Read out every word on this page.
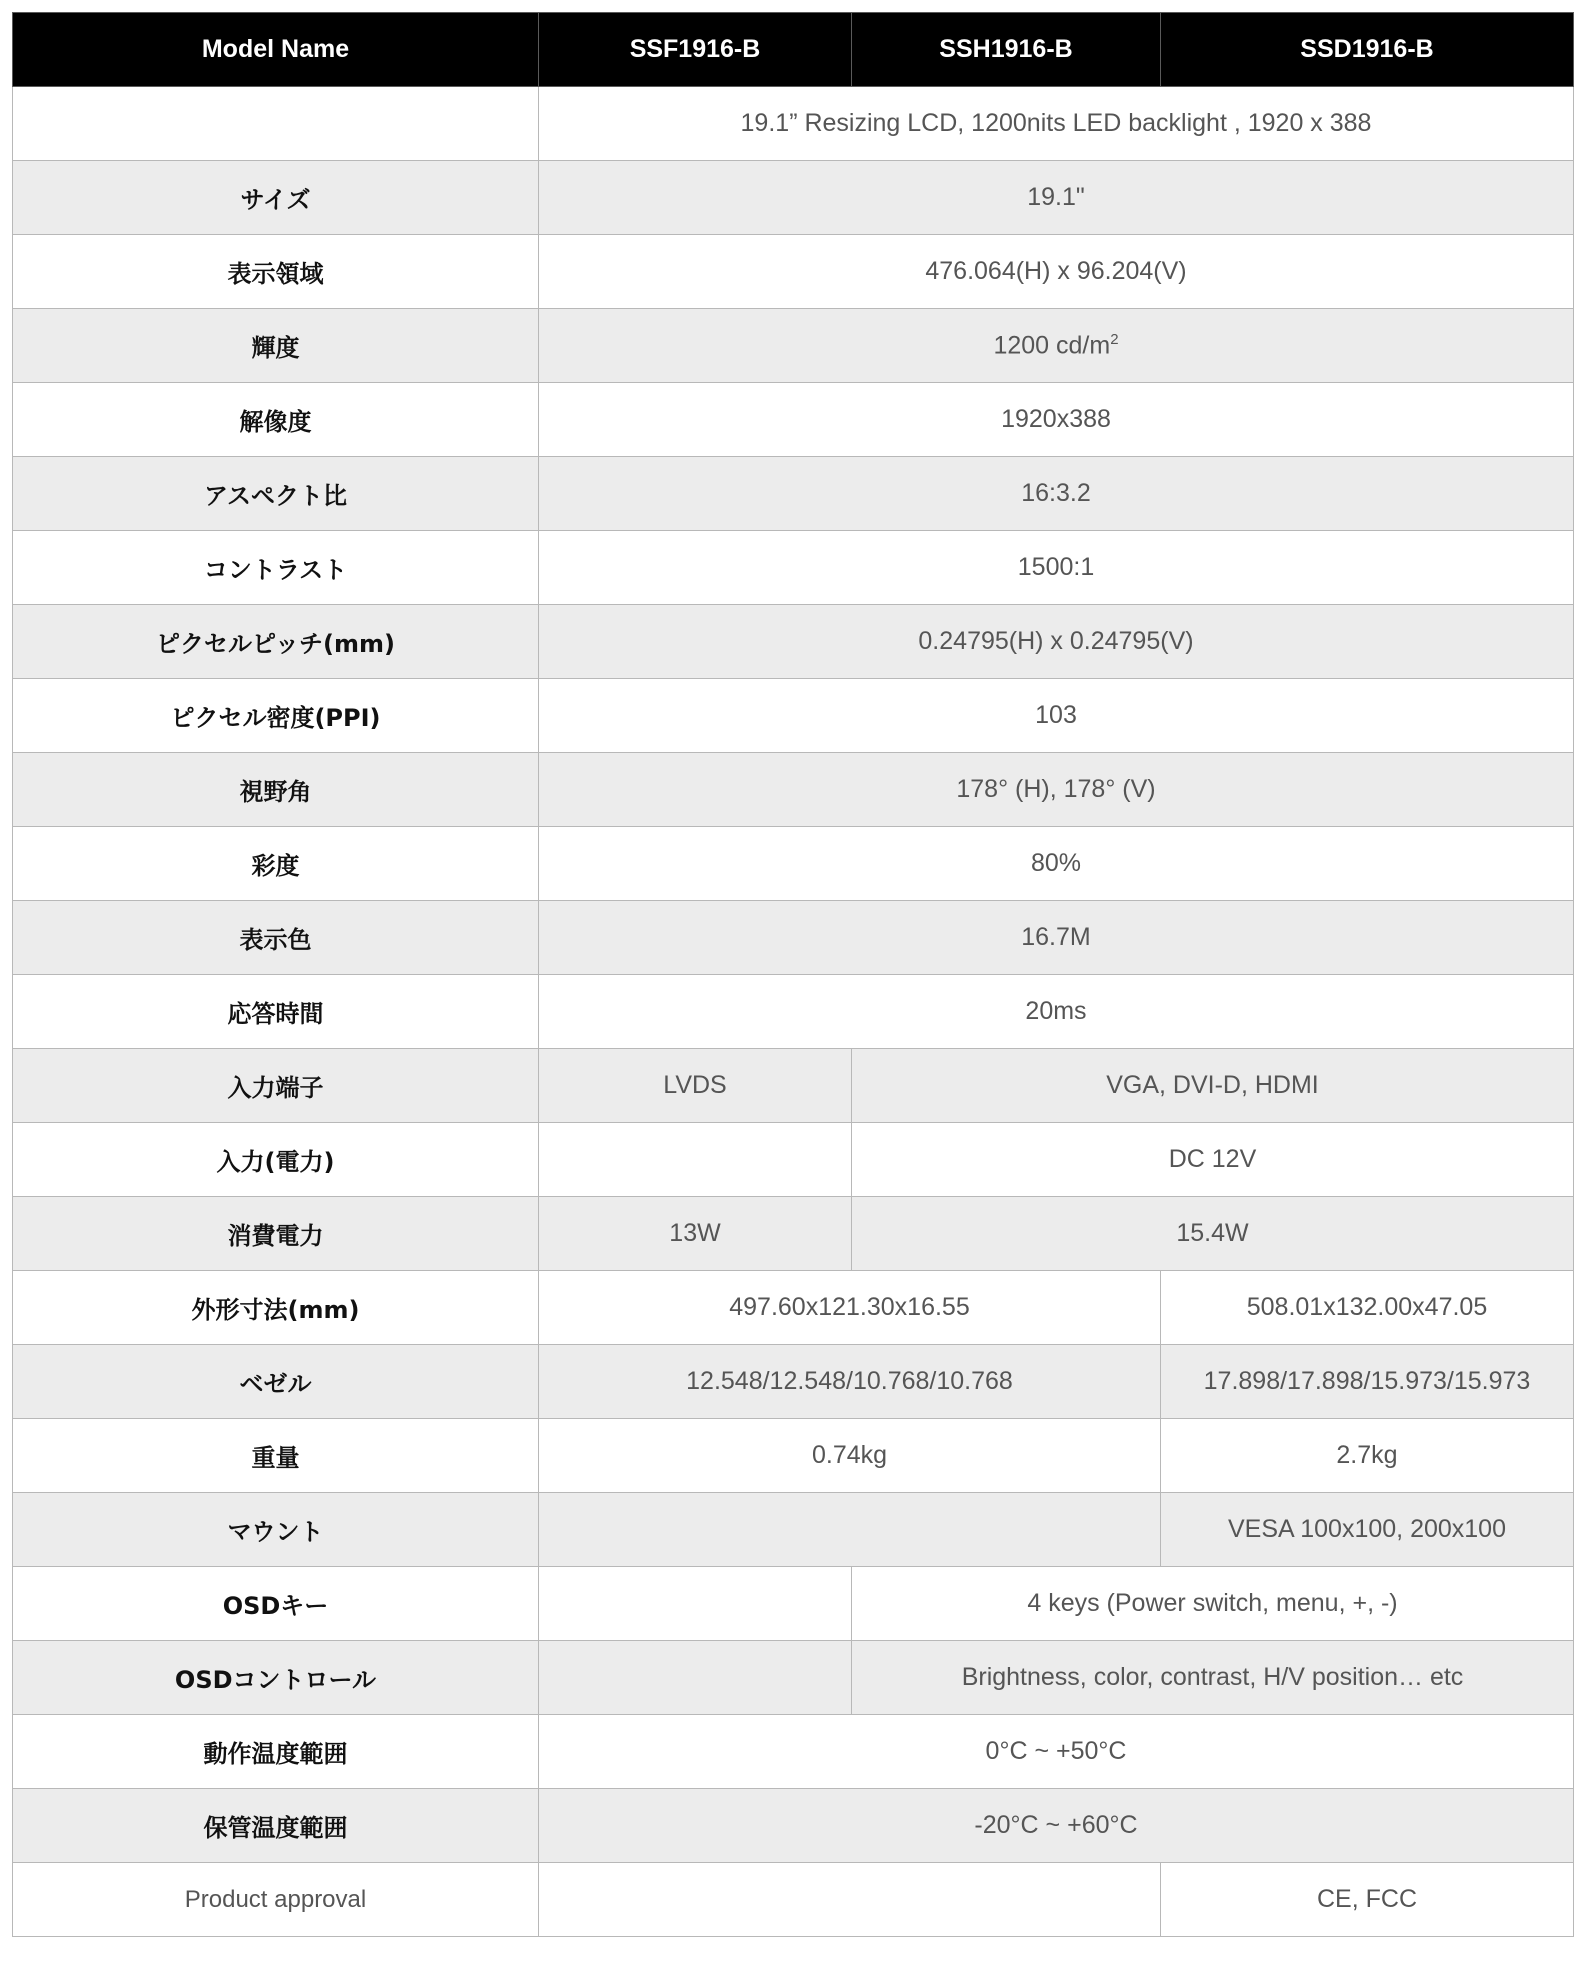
Model Name	SSF1916-B	SSH1916-B	SSD1916-B
	19.1” Resizing LCD, 1200nits LED backlight , 1920 x 388		
サイズ	19.1"		
表示領域	476.064(H) x 96.204(V)		
輝度	1200 $cd/m^2$
解像度	1920x388		
アスペクト比	16:3.2		
コントラスト	1500:1		
ピクセルピッチ(mm)	0.24795(H) x 0.24795(V)		
ピクセル密度(PPI)	103		
視野角	178° (H), 178° (V)		
彩度	80%		
表示色	16.7M		
応答時間	20ms		
入力端子	LVDS	VGA, DVI-D, HDMI	
入力(電力)		DC 12V	
消費電力	13W	15.4W	
外形寸法(mm)	497.60x121.30x16.55		508.01x132.00x47.05
ベゼル	12.548/12.548/10.768/10.768		17.898/17.898/15.973/15.973
重量	0.74kg		2.7kg
マウント			VESA 100x100, 200x100
OSDキー		4 keys (Power switch, menu, +, -)	
OSDコントロール		Brightness, color, contrast, H/V position… etc	
動作温度範囲	0°C ~ +50°C		
保管温度範囲	-20°C ~ +60°C		
Product approval			CE, FCC
